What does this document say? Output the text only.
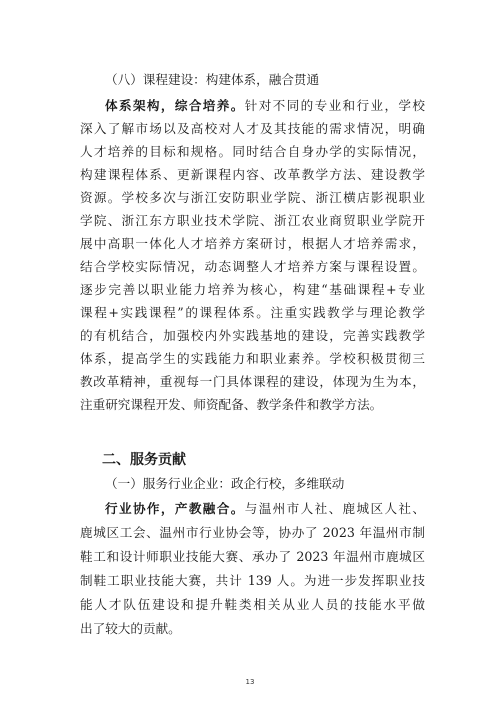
（八）课程建设：构建体系，融合贯通
体系架构，综合培养。针对不同的专业和行业，学校
深入了解市场以及高校对人才及其技能的需求情况，明确
人才培养的目标和规格。同时结合自身办学的实际情况，
构建课程体系、更新课程内容、改革教学方法、建设教学
资源。学校多次与浙江安防职业学院、浙江横店影视职业
学院、浙江东方职业技术学院、浙江农业商贸职业学院开
展中高职一体化人才培养方案研讨，根据人才培养需求，
结合学校实际情况，动态调整人才培养方案与课程设置。
逐步完善以职业能力培养为核心，构建“基础课程+专业
课程+实践课程”的课程体系。注重实践教学与理论教学
的有机结合，加强校内外实践基地的建设，完善实践教学
体系，提高学生的实践能力和职业素养。学校积极贯彻三
教改革精神，重视每一门具体课程的建设，体现为生为本，
注重研究课程开发、师资配备、教学条件和教学方法。
二、服务贡献
（一）服务行业企业：政企行校，多维联动
行业协作，产教融合。与温州市人社、鹿城区人社、
鹿城区工会、温州市行业协会等，协办了 2023 年温州市制
鞋工和设计师职业技能大赛、承办了 2023 年温州市鹿城区
制鞋工职业技能大赛，共计 139 人。为进一步发挥职业技
能人才队伍建设和提升鞋类相关从业人员的技能水平做
出了较大的贡献。
13
